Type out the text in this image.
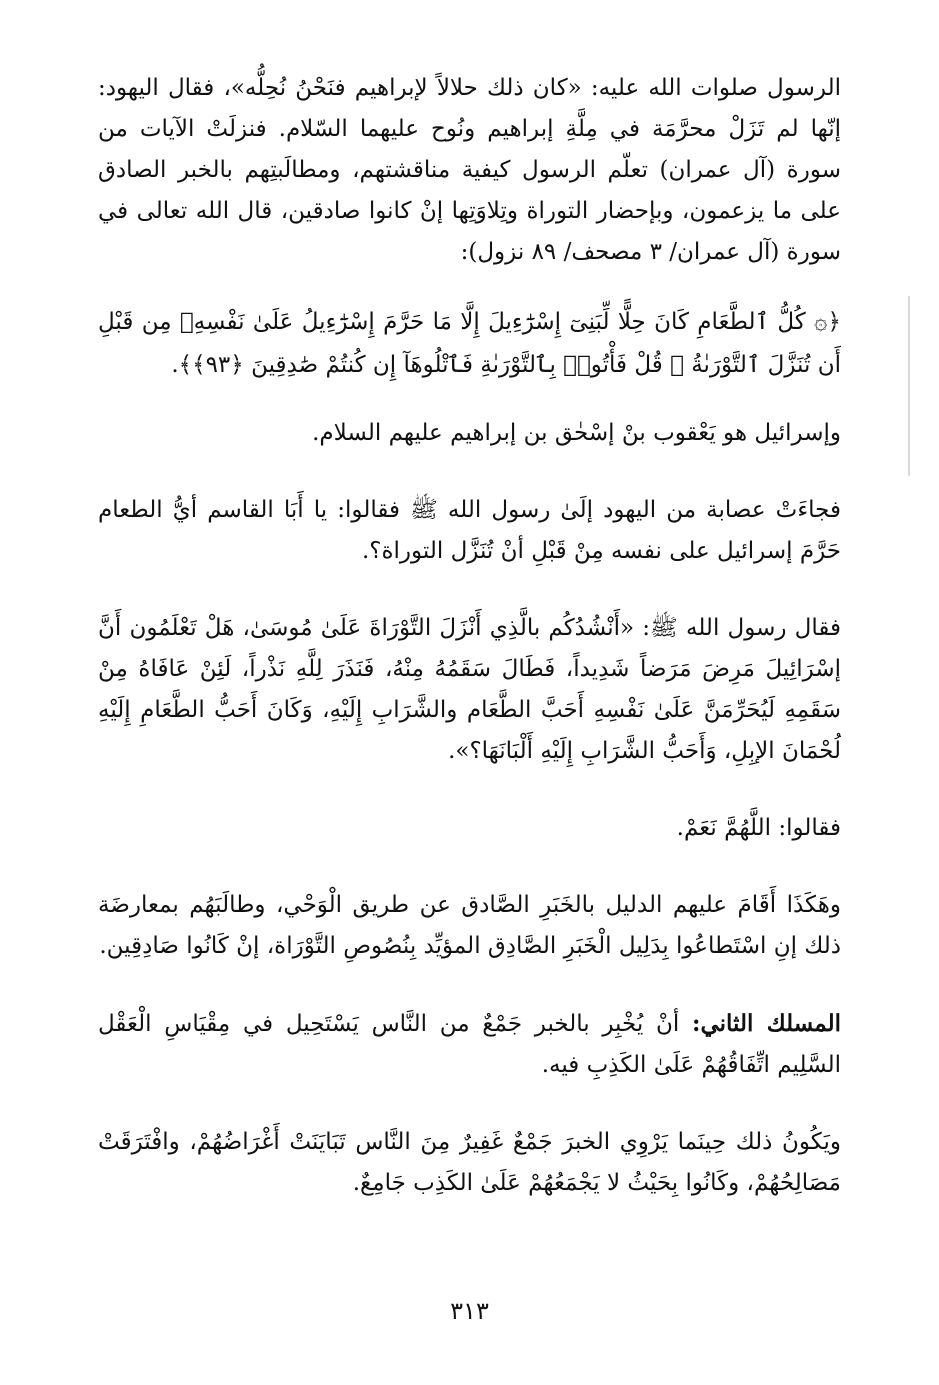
الرسول صلوات الله عليه: «كان ذلك حلالاً لإبراهيم فنَحْنُ نُحِلُّه»، فقال اليهود: إنّها لم تَزَلْ محرَّمَة في مِلَّةِ إبراهيم ونُوح عليهما السّلام. فنزلَتْ الآيات من سورة (آل عمران) تعلّم الرسول كيفية مناقشتهم، ومطالَبتِهم بالخبر الصادق على ما يزعمون، وبإحضار التوراة وتِلاوَتِها إنْ كانوا صادقين، قال الله تعالى في سورة (آل عمران/ ٣ مصحف/ ٨٩ نزول):

﴿۞ كُلُّ ٱلطَّعَامِ كَانَ حِلًّا لِّبَنِىٓ إِسْرَٰٓءِيلَ إِلَّا مَا حَرَّمَ إِسْرَٰٓءِيلُ عَلَىٰ نَفْسِهِۦ مِن قَبْلِ أَن تُنَزَّلَ ٱلتَّوْرَىٰةُ ۗ قُلْ فَأْتُوا۟ بِٱلتَّوْرَىٰةِ فَٱتْلُوهَآ إِن كُنتُمْ صَٰدِقِينَ ﴿٩٣﴾﴾.

وإسرائيل هو يَعْقوب بنْ إسْحٰق بن إبراهيم عليهم السلام.

فجاءَتْ عصابة من اليهود إلَىٰ رسول الله ﷺ فقالوا: يا أَبَا القاسم أيُّ الطعام حَرَّمَ إسرائيل على نفسه مِنْ قَبْلِ أنْ تُنَزَّل التوراة؟.

فقال رسول الله ﷺ: «أَنْشُدُكُم بالَّذِي أَنْزَلَ التَّوْرَاةَ عَلَىٰ مُوسَىٰ، هَلْ تَعْلَمُون أَنَّ إسْرَائِيلَ مَرِضَ مَرَضاً شَدِيداً، فَطَالَ سَقَمُهُ مِنْهُ، فَنَذَرَ لِلَّهِ نَذْراً، لَئِنْ عَافَاهُ مِنْ سَقَمِهِ لَيُحَرِّمَنَّ عَلَىٰ نَفْسِهِ أَحَبَّ الطَّعَام والشَّرَابِ إِلَيْهِ، وَكَانَ أَحَبُّ الطَّعَامِ إِلَيْهِ لُحْمَانَ الإبِلِ، وَأَحَبُّ الشَّرَابِ إِلَيْهِ أَلْبَانَهَا؟».

فقالوا: اللَّهُمَّ نَعَمْ.

وهَكَذَا أَقَامَ عليهم الدليل بالخَبَرِ الصَّادق عن طريق الْوَحْي، وطالَبَهُم بمعارضَة ذلك إنِ اسْتَطاعُوا بِدَلِيل الْخَبَرِ الصَّادِق المؤيِّد بِنُصُوصِ التَّوْرَاة، إنْ كَانُوا صَادِقِين.

المسلك الثاني: أنْ يُخْبِر بالخبر جَمْعٌ من النَّاس يَسْتَحِيل في مِقْيَاسِ الْعَقْل السَّلِيم اتِّفَاقُهُمْ عَلَىٰ الكَذِبِ فيه.

ويَكُونُ ذلك حِينَما يَرْوِي الخبرَ جَمْعٌ غَفِيرٌ مِنَ النَّاس تَبَايَنَتْ أَغْرَاضُهُمْ، وافْتَرَقَتْ مَصَالِحُهُمْ، وكَانُوا بِحَيْثُ لا يَجْمَعُهُمْ عَلَىٰ الكَذِب جَامِعٌ.

٣١٣
